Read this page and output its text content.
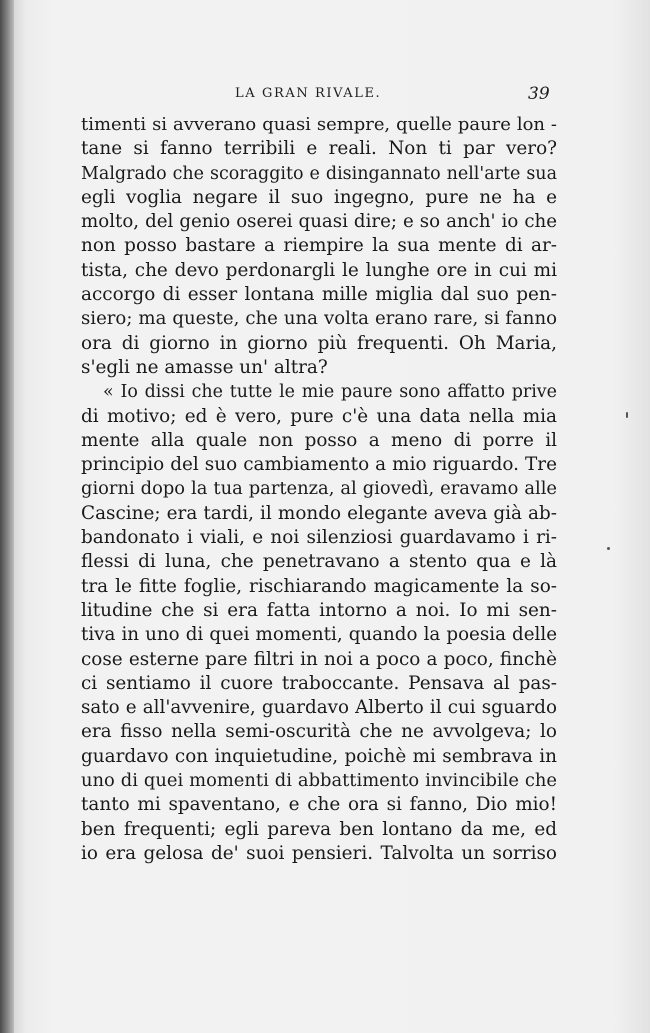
LA GRAN RIVALE.	39
timenti si avverano quasi sempre, quelle paure lon -
tane si fanno terribili e reali. Non ti par vero?
Malgrado che scoraggito e disingannato nell'arte sua
egli voglia negare il suo ingegno, pure ne ha e
molto, del genio oserei quasi dire; e so anch' io che
non posso bastare a riempire la sua mente di ar-
tista, che devo perdonargli le lunghe ore in cui mi
accorgo di esser lontana mille miglia dal suo pen-
siero; ma queste, che una volta erano rare, si fanno
ora di giorno in giorno più frequenti. Oh Maria,
s'egli ne amasse un' altra?
« Io dissi che tutte le mie paure sono affatto prive
di motivo; ed è vero, pure c'è una data nella mia
mente alla quale non posso a meno di porre il
principio del suo cambiamento a mio riguardo. Tre
giorni dopo la tua partenza, al giovedì, eravamo alle
Cascine; era tardi, il mondo elegante aveva già ab-
bandonato i viali, e noi silenziosi guardavamo i ri-
flessi di luna, che penetravano a stento qua e là
tra le fitte foglie, rischiarando magicamente la so-
litudine che si era fatta intorno a noi. Io mi sen-
tiva in uno di quei momenti, quando la poesia delle
cose esterne pare filtri in noi a poco a poco, finchè
ci sentiamo il cuore traboccante. Pensava al pas-
sato e all'avvenire, guardavo Alberto il cui sguardo
era fisso nella semi-oscurità che ne avvolgeva; lo
guardavo con inquietudine, poichè mi sembrava in
uno di quei momenti di abbattimento invincibile che
tanto mi spaventano, e che ora si fanno, Dio mio!
ben frequenti; egli pareva ben lontano da me, ed
io era gelosa de' suoi pensieri. Talvolta un sorriso
